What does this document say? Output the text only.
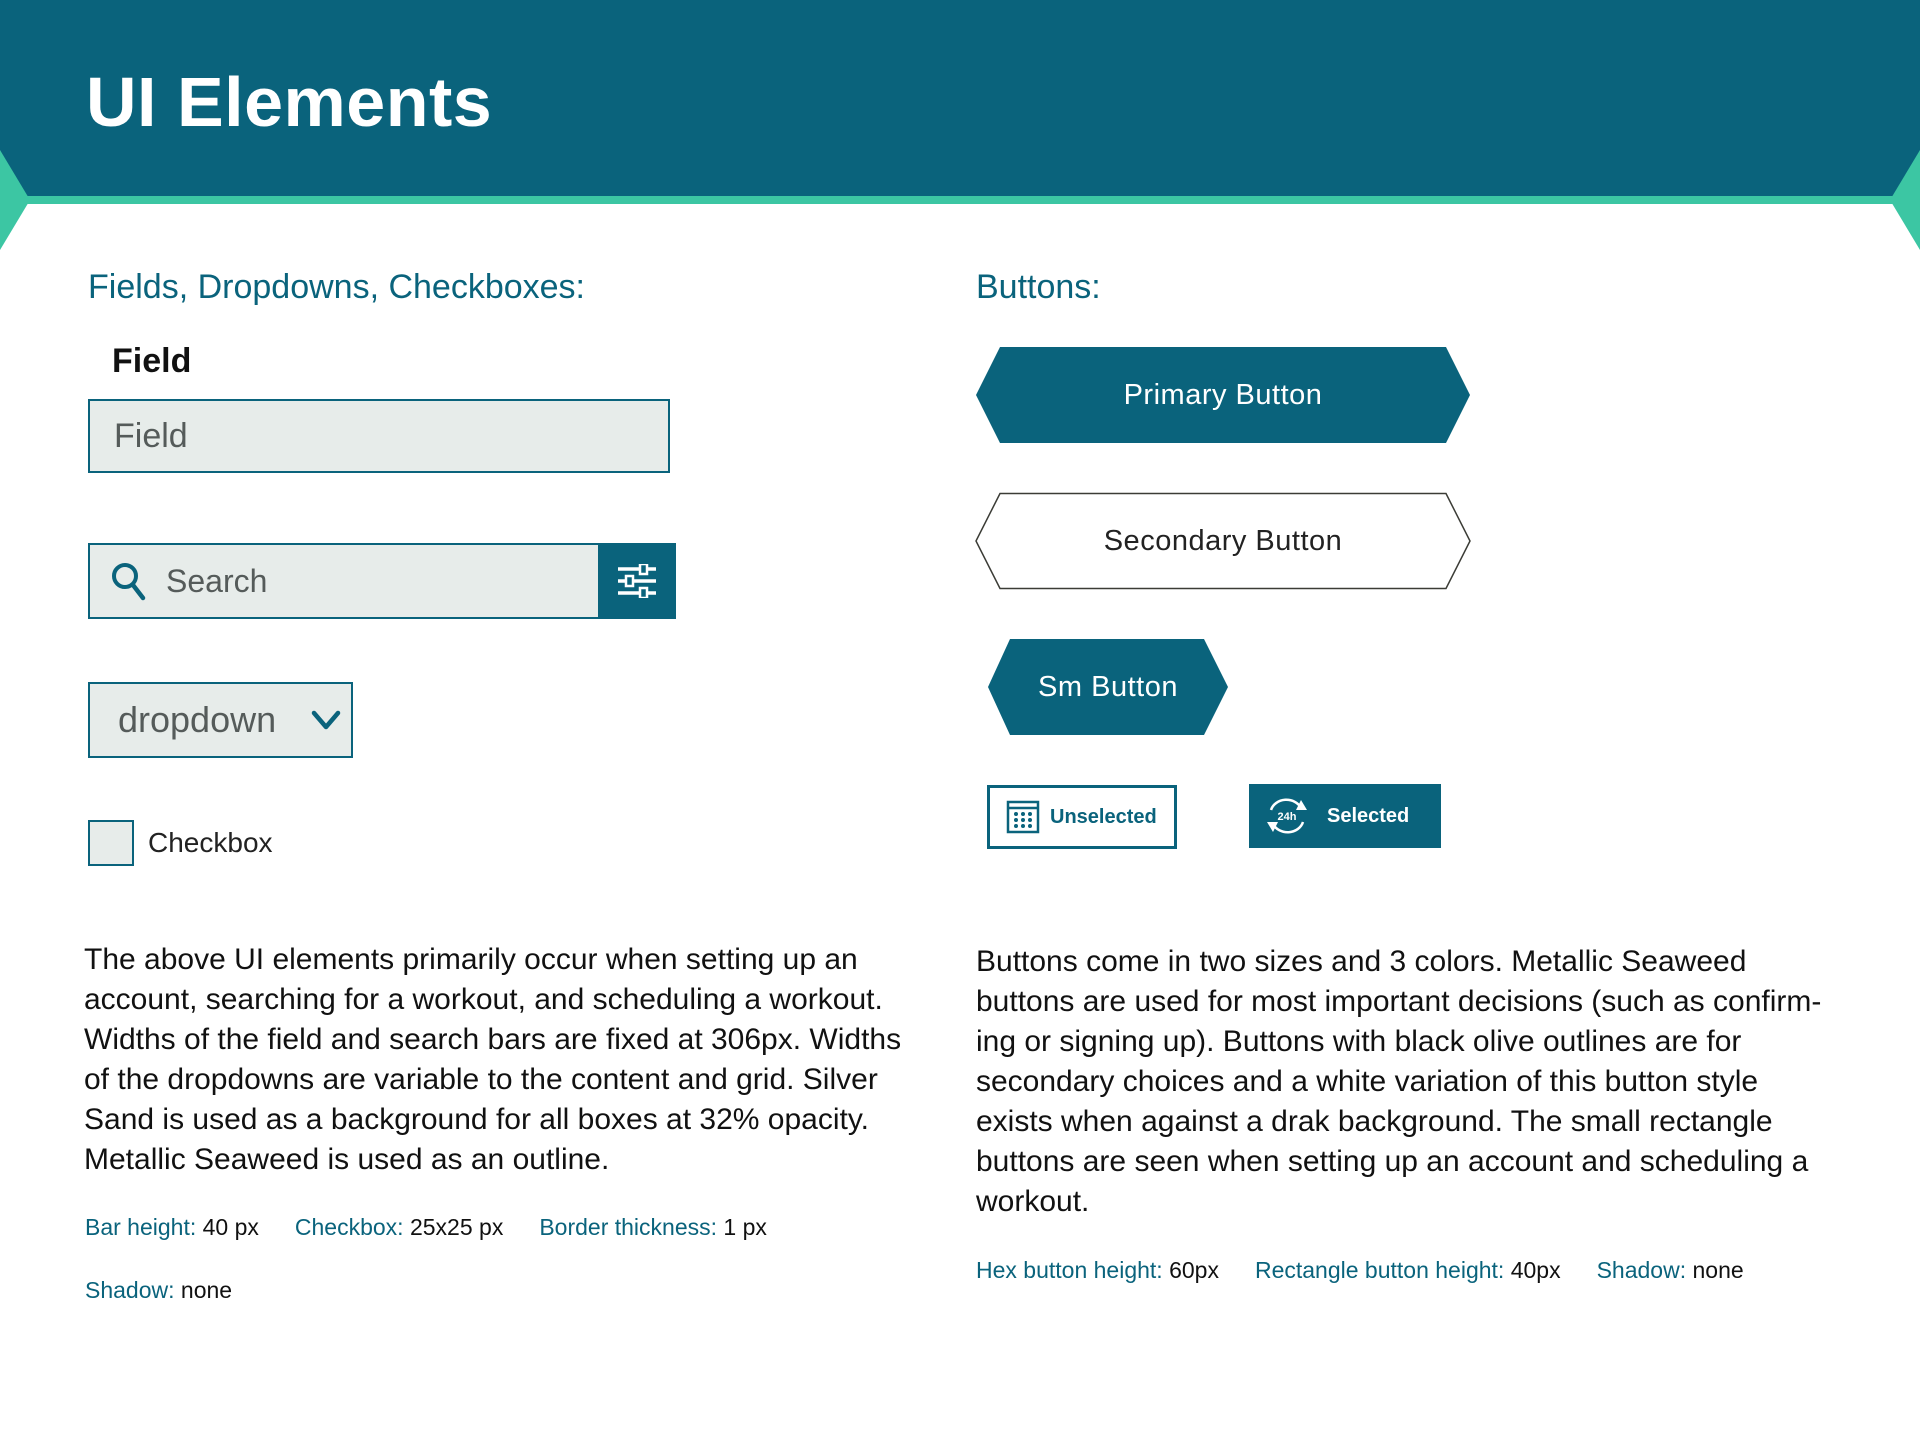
UI Elements
Fields, Dropdowns, Checkboxes:
Field
Field
Search
dropdown
Checkbox

The above UI elements primarily occur when setting up an account, searching for a workout, and scheduling a workout. Widths of the field and search bars are fixed at 306px. Widths of the dropdowns are variable to the content and grid. Silver Sand is used as a background for all boxes at 32% opacity. Metallic Seaweed is used as an outline.

Bar height: 40 px Checkbox: 25x25 px Border thickness: 1 px
Shadow: none
Buttons:
Primary Button
Secondary Button
Sm Button
Unselected	24h Selected

Buttons come in two sizes and 3 colors. Metallic Seaweed buttons are used for most important decisions (such as confirm-ing or signing up). Buttons with black olive outlines are for secondary choices and a white variation of this button style exists when against a drak background. The small rectangle buttons are seen when setting up an account and scheduling a workout.

Hex button height: 60px Rectangle button height: 40px Shadow: none
